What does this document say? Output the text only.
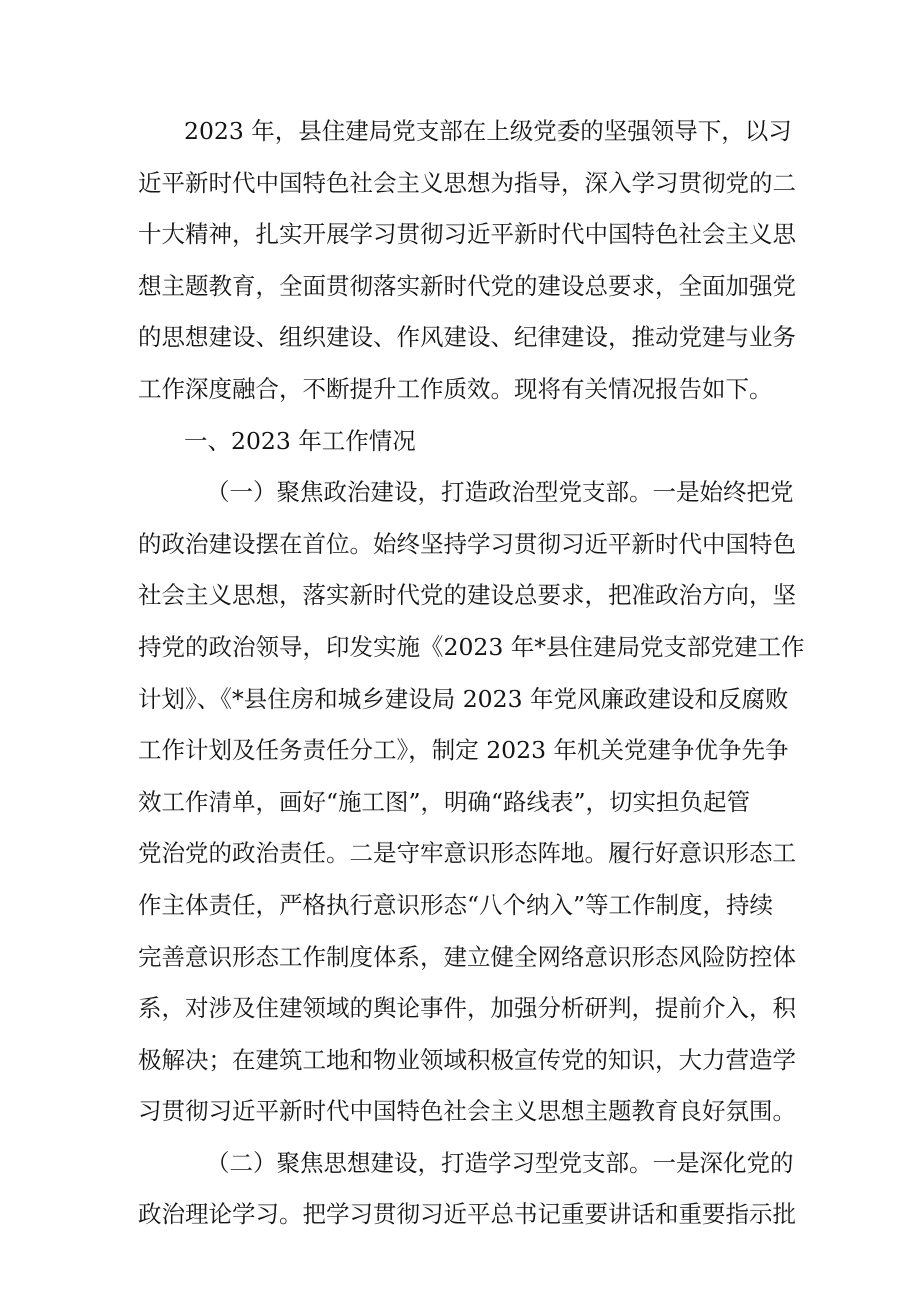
2023 年，县住建局党支部在上级党委的坚强领导下，以习
近平新时代中国特色社会主义思想为指导，深入学习贯彻党的二
十大精神，扎实开展学习贯彻习近平新时代中国特色社会主义思
想主题教育，全面贯彻落实新时代党的建设总要求，全面加强党
的思想建设、组织建设、作风建设、纪律建设，推动党建与业务
工作深度融合，不断提升工作质效。现将有关情况报告如下。
一、2023 年工作情况
（一）聚焦政治建设，打造政治型党支部。一是始终把党
的政治建设摆在首位。始终坚持学习贯彻习近平新时代中国特色
社会主义思想，落实新时代党的建设总要求，把准政治方向，坚
持党的政治领导，印发实施《2023 年*县住建局党支部党建工作
计划》、《*县住房和城乡建设局 2023 年党风廉政建设和反腐败
工作计划及任务责任分工》，制定 2023 年机关党建争优争先争
效工作清单，画好“施工图”，明确“路线表”，切实担负起管
党治党的政治责任。二是守牢意识形态阵地。履行好意识形态工
作主体责任，严格执行意识形态“八个纳入”等工作制度，持续
完善意识形态工作制度体系，建立健全网络意识形态风险防控体
系，对涉及住建领域的舆论事件，加强分析研判，提前介入，积
极解决；在建筑工地和物业领域积极宣传党的知识，大力营造学
习贯彻习近平新时代中国特色社会主义思想主题教育良好氛围。
（二）聚焦思想建设，打造学习型党支部。一是深化党的
政治理论学习。把学习贯彻习近平总书记重要讲话和重要指示批
